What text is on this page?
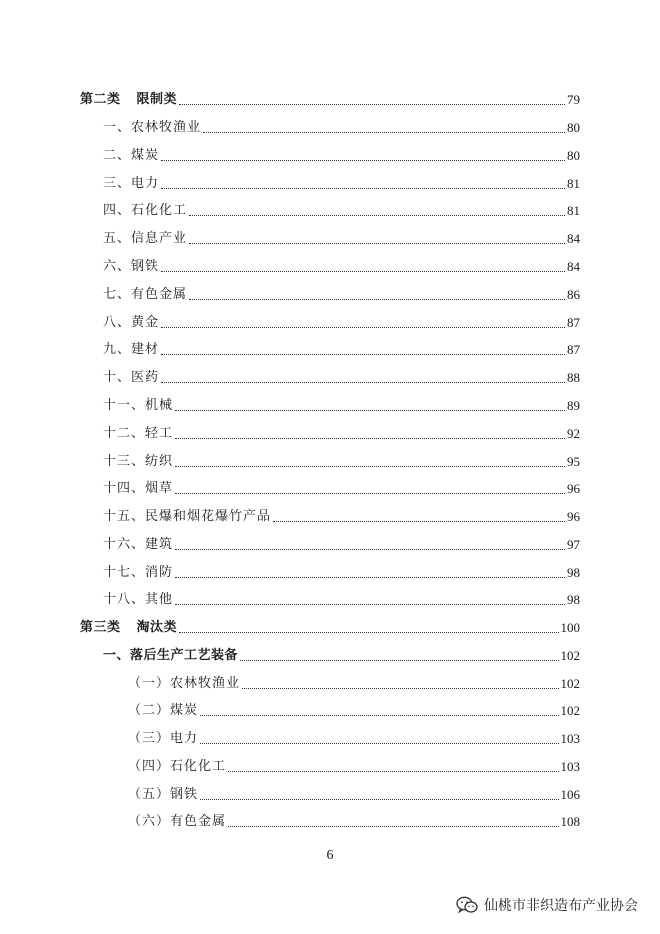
第二类 限制类	79
一、农林牧渔业	80
二、煤炭	80
三、电力	81
四、石化化工	81
五、信息产业	84
六、钢铁	84
七、有色金属	86
八、黄金	87
九、建材	87
十、医药	88
十一、机械	89
十二、轻工	92
十三、纺织	95
十四、烟草	96
十五、民爆和烟花爆竹产品	96
十六、建筑	97
十七、消防	98
十八、其他	98
第三类 淘汰类	100
一、落后生产工艺装备	102
（一）农林牧渔业	102
（二）煤炭	102
（三）电力	103
（四）石化化工	103
（五）钢铁	106
（六）有色金属	108
6
仙桃市非织造布产业协会
